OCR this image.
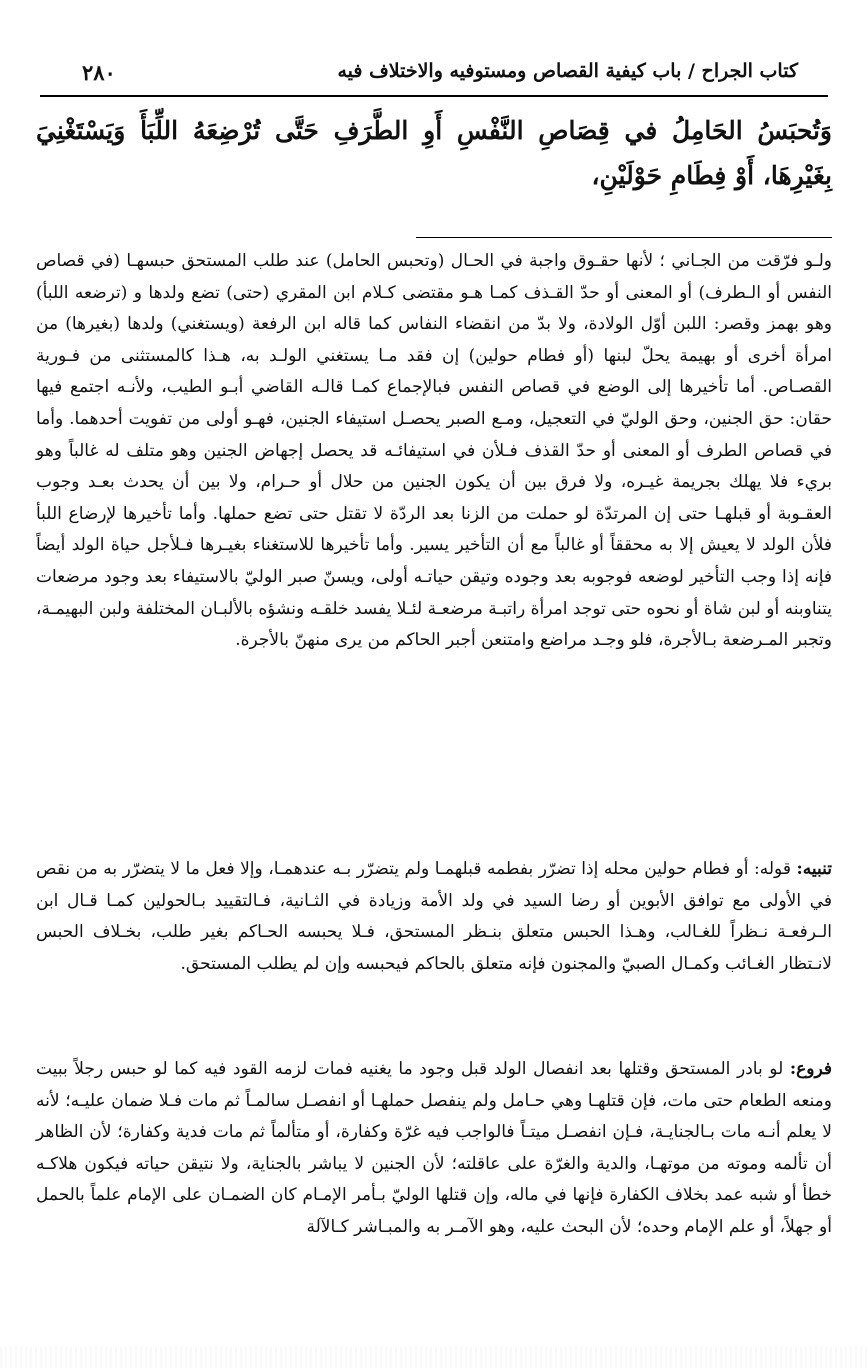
كتاب الجراح / باب كيفية القصاص ومستوفيه والاختلاف فيه
٢٨٠
وَتُحبَسُ الحَامِلُ في قِصَاصِ النَّفْسِ أَوِ الطَّرَفِ حَتَّى تُرْضِعَهُ اللِّبَأَ وَيَسْتَغْنِيَ بِغَيْرِهَا، أَوْ فِطَامِ حَوْلَيْنِ،

ولـو فرّقت من الجـاني ؛ لأنها حقـوق واجبة في الحـال (وتحبس الحامل) عند طلب المستحق حبسهـا (في قصاص النفس أو الـطرف) أو المعنى أو حدّ القـذف كمـا هـو مقتضى كـلام ابن المقري (حتى) تضع ولدها و (ترضعه اللبأ) وهو بهمز وقصر: اللبن أوّل الولادة، ولا بدّ من انقضاء النفاس كما قاله ابن الرفعة (ويستغني) ولدها (بغيرها) من امرأة أخرى أو بهيمة يحلّ لبنها (أو فطام حولين) إن فقد مـا يستغني الولـد به، هـذا كالمستثنى من فـورية القصـاص. أما تأخيرها إلى الوضع في قصاص النفس فبالإجماع كمـا قالـه القاضي أبـو الطيب، ولأنـه اجتمع فيها حقان: حق الجنين، وحق الوليّ في التعجيل، ومـع الصبر يحصـل استيفاء الجنين، فهـو أولى من تفويت أحدهما. وأما في قصاص الطرف أو المعنى أو حدّ القذف فـلأن في استيفائـه قد يحصل إجهاض الجنين وهو متلف له غالباً وهو بريء فلا يهلك بجريمة غيـره، ولا فرق بين أن يكون الجنين من حلال أو حـرام، ولا بين أن يحدث بعـد وجوب العقـوبة أو قبلهـا حتى إن المرتدّة لو حملت من الزنا بعد الردّة لا تقتل حتى تضع حملها. وأما تأخيرها لإرضاع اللبأ فلأن الولد لا يعيش إلا به محققاً أو غالباً مع أن التأخير يسير. وأما تأخيرها للاستغناء بغيـرها فـلأجل حياة الولد أيضاً فإنه إذا وجب التأخير لوضعه فوجوبه بعد وجوده وتيقن حياتـه أولى، ويسنّ صبر الوليّ بالاستيفاء بعد وجود مرضعات يتناوبنه أو لبن شاة أو نحوه حتى توجد امرأة راتبـة مرضعـة لئـلا يفسد خلقـه ونشؤه بالألبـان المختلفة ولبن البهيمـة، وتجبر المـرضعة بـالأجرة، فلو وجـد مراضع وامتنعن أجبر الحاكم من يرى منهنّ بالأجرة.

تنبيه: قوله: أو فطام حولين محله إذا تضرّر بفطمه قبلهمـا ولم يتضرّر بـه عندهمـا، وإلا فعل ما لا يتضرّر به من نقص في الأولى مع توافق الأبوين أو رضا السيد في ولد الأمة وزيادة في الثـانية، فـالتقييد بـالحولين كمـا قـال ابن الـرفعـة نـظراً للغـالب، وهـذا الحبس متعلق بنـظر المستحق، فـلا يحبسه الحـاكم بغير طلب، بخـلاف الحبس لانـتظار الغـائب وكمـال الصبيّ والمجنون فإنه متعلق بالحاكم فيحبسه وإن لم يطلب المستحق.
فروع: لو بادر المستحق وقتلها بعد انفصال الولد قبل وجود ما يغنيه فمات لزمه القود فيه كما لو حبس رجلاً ببيت ومنعه الطعام حتى مات، فإن قتلهـا وهي حـامل ولم ينفصل حملهـا أو انفصـل سالمـاً ثم مات فـلا ضمان عليـه؛ لأنه لا يعلم أنـه مات بـالجنايـة، فـإن انفصـل ميتـاً فالواجب فيه غرّة وكفارة، أو متألماً ثم مات فدية وكفارة؛ لأن الظاهر أن تألمه وموته من موتهـا، والدية والغرّة على عاقلته؛ لأن الجنين لا يباشر بالجناية، ولا نتيقن حياته فيكون هلاكـه خطأ أو شبه عمد بخلاف الكفارة فإنها في ماله، وإن قتلها الوليّ بـأمر الإمـام كان الضمـان على الإمام علماً بالحمل أو جهلاً، أو علم الإمام وحده؛ لأن البحث عليه، وهو الآمـر به والمبـاشر كـالآلة
